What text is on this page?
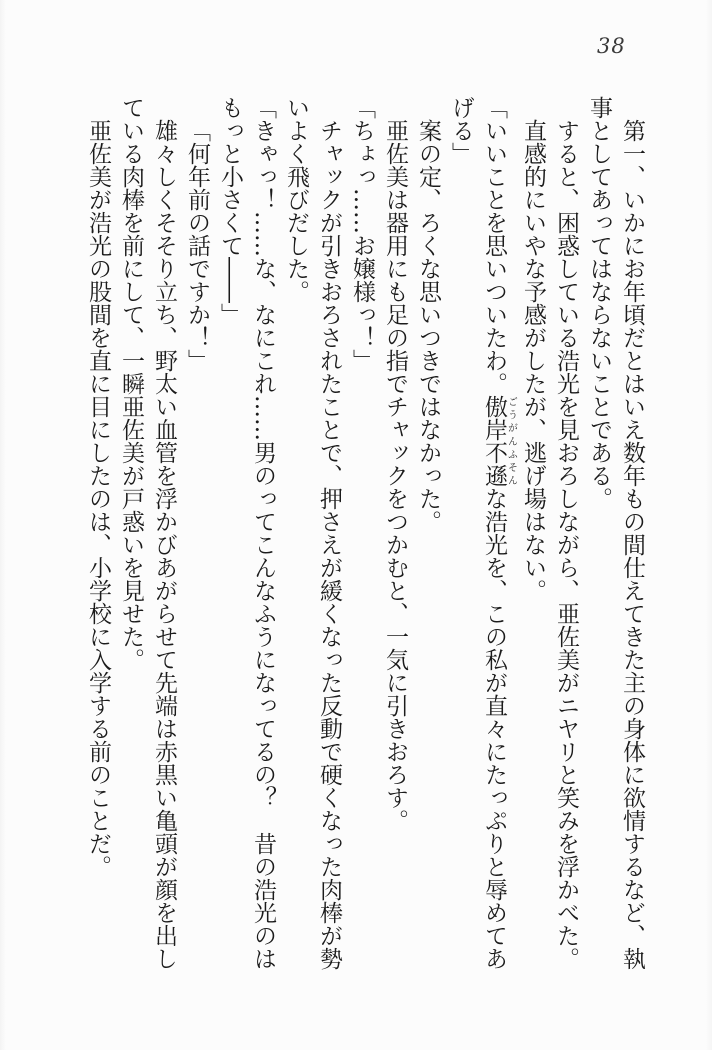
38
第一、いかにお年頃だとはいえ数年もの間仕えてきた主の身体に欲情するなど、執
事としてあってはならないことである。
すると、困惑している浩光を見おろしながら、亜佐美がニヤリと笑みを浮かべた。
直感的にいやな予感がしたが、逃げ場はない。
「いいことを思いついたわ。傲岸不遜ごうがんふそんな浩光を、この私が直々にたっぷりと辱めてあ
げる」
案の定、ろくな思いつきではなかった。
亜佐美は器用にも足の指でチャックをつかむと、一気に引きおろす。
「ちょっ……お嬢様っ！」
チャックが引きおろされたことで、押さえが緩くなった反動で硬くなった肉棒が勢
いよく飛びだした。
「きゃっ！……な、なにこれ……男のってこんなふうになってるの？　昔の浩光のは
もっと小さくて――」
「何年前の話ですか！」
雄々しくそそり立ち、野太い血管を浮かびあがらせて先端は赤黒い亀頭が顔を出し
ている肉棒を前にして、一瞬亜佐美が戸惑いを見せた。
亜佐美が浩光の股間を直に目にしたのは、小学校に入学する前のことだ。
